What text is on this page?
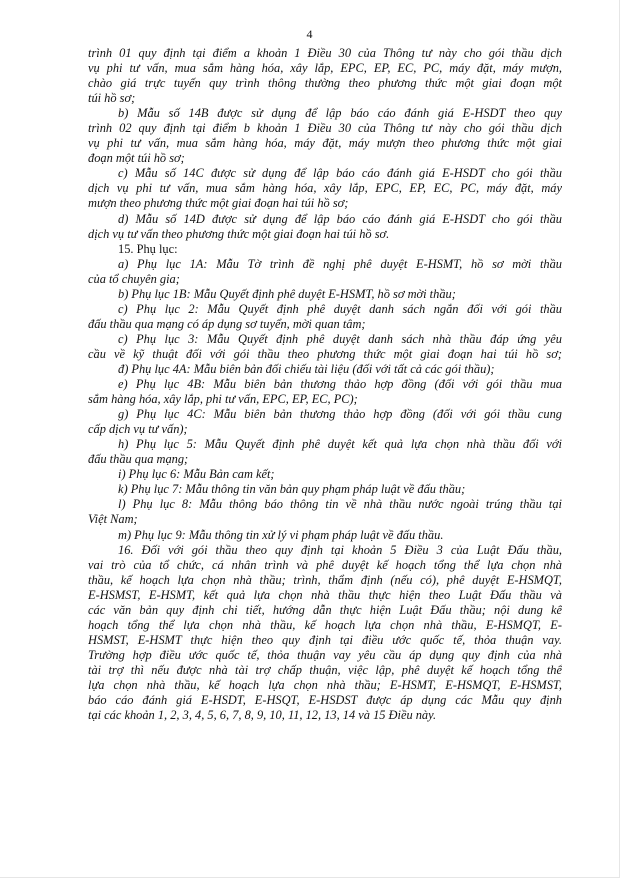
4
trình 01 quy định tại điểm a khoản 1 Điều 30 của Thông tư này cho gói thầu dịch
vụ phi tư vấn, mua sắm hàng hóa, xây lắp, EPC, EP, EC, PC, máy đặt, máy mượn,
chào giá trực tuyến quy trình thông thường theo phương thức một giai đoạn một
túi hồ sơ;
b) Mẫu số 14B được sử dụng để lập báo cáo đánh giá E-HSDT theo quy
trình 02 quy định tại điểm b khoản 1 Điều 30 của Thông tư này cho gói thầu dịch
vụ phi tư vấn, mua sắm hàng hóa, máy đặt, máy mượn theo phương thức một giai
đoạn một túi hồ sơ;
c) Mẫu số 14C được sử dụng để lập báo cáo đánh giá E-HSDT cho gói thầu
dịch vụ phi tư vấn, mua sắm hàng hóa, xây lắp, EPC, EP, EC, PC, máy đặt, máy
mượn theo phương thức một giai đoạn hai túi hồ sơ;
d) Mẫu số 14D được sử dụng để lập báo cáo đánh giá E-HSDT cho gói thầu
dịch vụ tư vấn theo phương thức một giai đoạn hai túi hồ sơ.
15. Phụ lục:
a) Phụ lục 1A: Mẫu Tờ trình đề nghị phê duyệt E-HSMT, hồ sơ mời thầu
của tổ chuyên gia;
b) Phụ lục 1B: Mẫu Quyết định phê duyệt E-HSMT, hồ sơ mời thầu;
c) Phụ lục 2: Mẫu Quyết định phê duyệt danh sách ngắn đối với gói thầu
đấu thầu qua mạng có áp dụng sơ tuyển, mời quan tâm;
c) Phụ lục 3: Mẫu Quyết định phê duyệt danh sách nhà thầu đáp ứng yêu
cầu về kỹ thuật đối với gói thầu theo phương thức một giai đoạn hai túi hồ sơ;
đ) Phụ lục 4A: Mẫu biên bản đối chiếu tài liệu (đối với tất cả các gói thầu);
e) Phụ lục 4B: Mẫu biên bản thương thảo hợp đồng (đối với gói thầu mua
sắm hàng hóa, xây lắp, phi tư vấn, EPC, EP, EC, PC);
g) Phụ lục 4C: Mẫu biên bản thương thảo hợp đồng (đối với gói thầu cung
cấp dịch vụ tư vấn);
h) Phụ lục 5: Mẫu Quyết định phê duyệt kết quả lựa chọn nhà thầu đối với
đấu thầu qua mạng;
i) Phụ lục 6: Mẫu Bản cam kết;
k) Phụ lục 7: Mẫu thông tin văn bản quy phạm pháp luật về đấu thầu;
l) Phụ lục 8: Mẫu thông báo thông tin về nhà thầu nước ngoài trúng thầu tại
Việt Nam;
m) Phụ lục 9: Mẫu thông tin xử lý vi phạm pháp luật về đấu thầu.
16. Đối với gói thầu theo quy định tại khoản 5 Điều 3 của Luật Đấu thầu,
vai trò của tổ chức, cá nhân trình và phê duyệt kế hoạch tổng thể lựa chọn nhà
thầu, kế hoạch lựa chọn nhà thầu; trình, thẩm định (nếu có), phê duyệt E-HSMQT,
E-HSMST, E-HSMT, kết quả lựa chọn nhà thầu thực hiện theo Luật Đấu thầu và
các văn bản quy định chi tiết, hướng dẫn thực hiện Luật Đấu thầu; nội dung kế
hoạch tổng thể lựa chọn nhà thầu, kế hoạch lựa chọn nhà thầu, E-HSMQT, E-
HSMST, E-HSMT thực hiện theo quy định tại điều ước quốc tế, thỏa thuận vay.
Trường hợp điều ước quốc tế, thỏa thuận vay yêu cầu áp dụng quy định của nhà
tài trợ thì nếu được nhà tài trợ chấp thuận, việc lập, phê duyệt kế hoạch tổng thể
lựa chọn nhà thầu, kế hoạch lựa chọn nhà thầu; E-HSMT, E-HSMQT, E-HSMST,
báo cáo đánh giá E-HSDT, E-HSQT, E-HSDST được áp dụng các Mẫu quy định
tại các khoản 1, 2, 3, 4, 5, 6, 7, 8, 9, 10, 11, 12, 13, 14 và 15 Điều này.
